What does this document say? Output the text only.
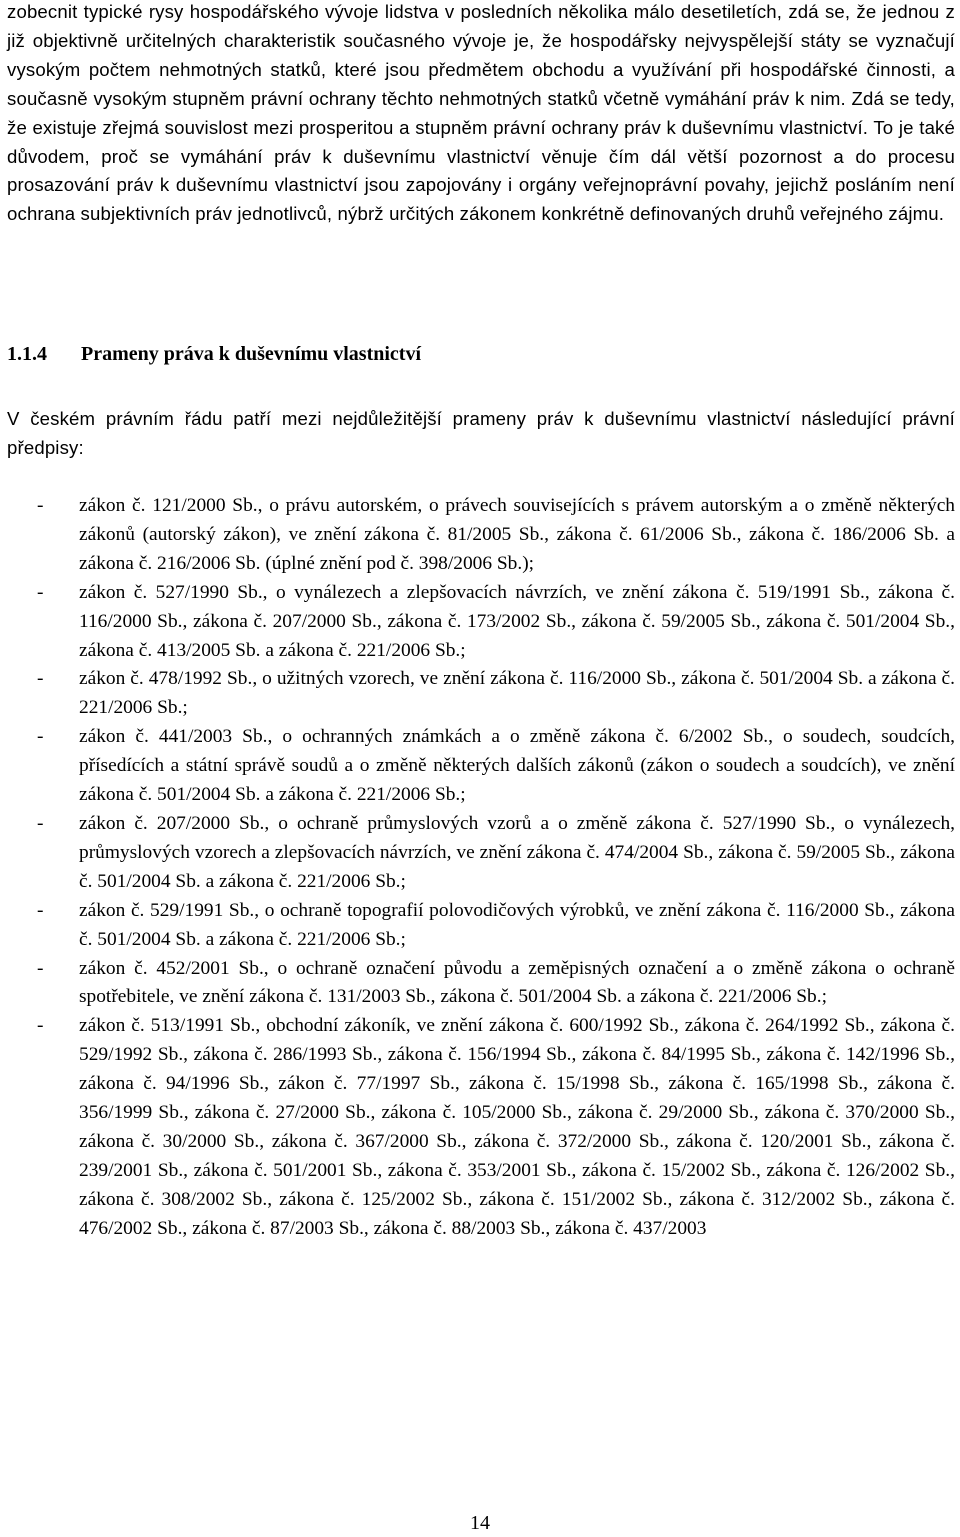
zobecnit typické rysy hospodářského vývoje lidstva v posledních několika málo desetiletích, zdá se, že jednou z již objektivně určitelných charakteristik současného vývoje je, že hospodářsky nejvyspělejší státy se vyznačují vysokým počtem nehmotných statků, které jsou předmětem obchodu a využívání při hospodářské činnosti, a současně vysokým stupněm právní ochrany těchto nehmotných statků včetně vymáhání práv k nim. Zdá se tedy, že existuje zřejmá souvislost mezi prosperitou a stupněm právní ochrany práv k duševnímu vlastnictví. To je také důvodem, proč se vymáhání práv k duševnímu vlastnictví věnuje čím dál větší pozornost a do procesu prosazování práv k duševnímu vlastnictví jsou zapojovány i orgány veřejnoprávní povahy, jejichž posláním není ochrana subjektivních práv jednotlivců, nýbrž určitých zákonem konkrétně definovaných druhů veřejného zájmu.
1.1.4 Prameny práva k duševnímu vlastnictví
V českém právním řádu patří mezi nejdůležitější prameny práv k duševnímu vlastnictví následující právní předpisy:
- zákon č. 121/2000 Sb., o právu autorském, o právech souvisejících s právem autorským a o změně některých zákonů (autorský zákon), ve znění zákona č. 81/2005 Sb., zákona č. 61/2006 Sb., zákona č. 186/2006 Sb. a zákona č. 216/2006 Sb. (úplné znění pod č. 398/2006 Sb.);
- zákon č. 527/1990 Sb., o vynálezech a zlepšovacích návrzích, ve znění zákona č. 519/1991 Sb., zákona č. 116/2000 Sb., zákona č. 207/2000 Sb., zákona č. 173/2002 Sb., zákona č. 59/2005 Sb., zákona č. 501/2004 Sb., zákona č. 413/2005 Sb. a zákona č. 221/2006 Sb.;
- zákon č. 478/1992 Sb., o užitných vzorech, ve znění zákona č. 116/2000 Sb., zákona č. 501/2004 Sb. a zákona č. 221/2006 Sb.;
- zákon č. 441/2003 Sb., o ochranných známkách a o změně zákona č. 6/2002 Sb., o soudech, soudcích, přísedících a státní správě soudů a o změně některých dalších zákonů (zákon o soudech a soudcích), ve znění zákona č. 501/2004 Sb. a zákona č. 221/2006 Sb.;
- zákon č. 207/2000 Sb., o ochraně průmyslových vzorů a o změně zákona č. 527/1990 Sb., o vynálezech, průmyslových vzorech a zlepšovacích návrzích, ve znění zákona č. 474/2004 Sb., zákona č. 59/2005 Sb., zákona č. 501/2004 Sb. a zákona č. 221/2006 Sb.;
- zákon č. 529/1991 Sb., o ochraně topografií polovodičových výrobků, ve znění zákona č. 116/2000 Sb., zákona č. 501/2004 Sb. a zákona č. 221/2006 Sb.;
- zákon č. 452/2001 Sb., o ochraně označení původu a zeměpisných označení a o změně zákona o ochraně spotřebitele, ve znění zákona č. 131/2003 Sb., zákona č. 501/2004 Sb. a zákona č. 221/2006 Sb.;
- zákon č. 513/1991 Sb., obchodní zákoník, ve znění zákona č. 600/1992 Sb., zákona č. 264/1992 Sb., zákona č. 529/1992 Sb., zákona č. 286/1993 Sb., zákona č. 156/1994 Sb., zákona č. 84/1995 Sb., zákona č. 142/1996 Sb., zákona č. 94/1996 Sb., zákon č. 77/1997 Sb., zákona č. 15/1998 Sb., zákona č. 165/1998 Sb., zákona č. 356/1999 Sb., zákona č. 27/2000 Sb., zákona č. 105/2000 Sb., zákona č. 29/2000 Sb., zákona č. 370/2000 Sb., zákona č. 30/2000 Sb., zákona č. 367/2000 Sb., zákona č. 372/2000 Sb., zákona č. 120/2001 Sb., zákona č. 239/2001 Sb., zákona č. 501/2001 Sb., zákona č. 353/2001 Sb., zákona č. 15/2002 Sb., zákona č. 126/2002 Sb., zákona č. 308/2002 Sb., zákona č. 125/2002 Sb., zákona č. 151/2002 Sb., zákona č. 312/2002 Sb., zákona č. 476/2002 Sb., zákona č. 87/2003 Sb., zákona č. 88/2003 Sb., zákona č. 437/2003
14
